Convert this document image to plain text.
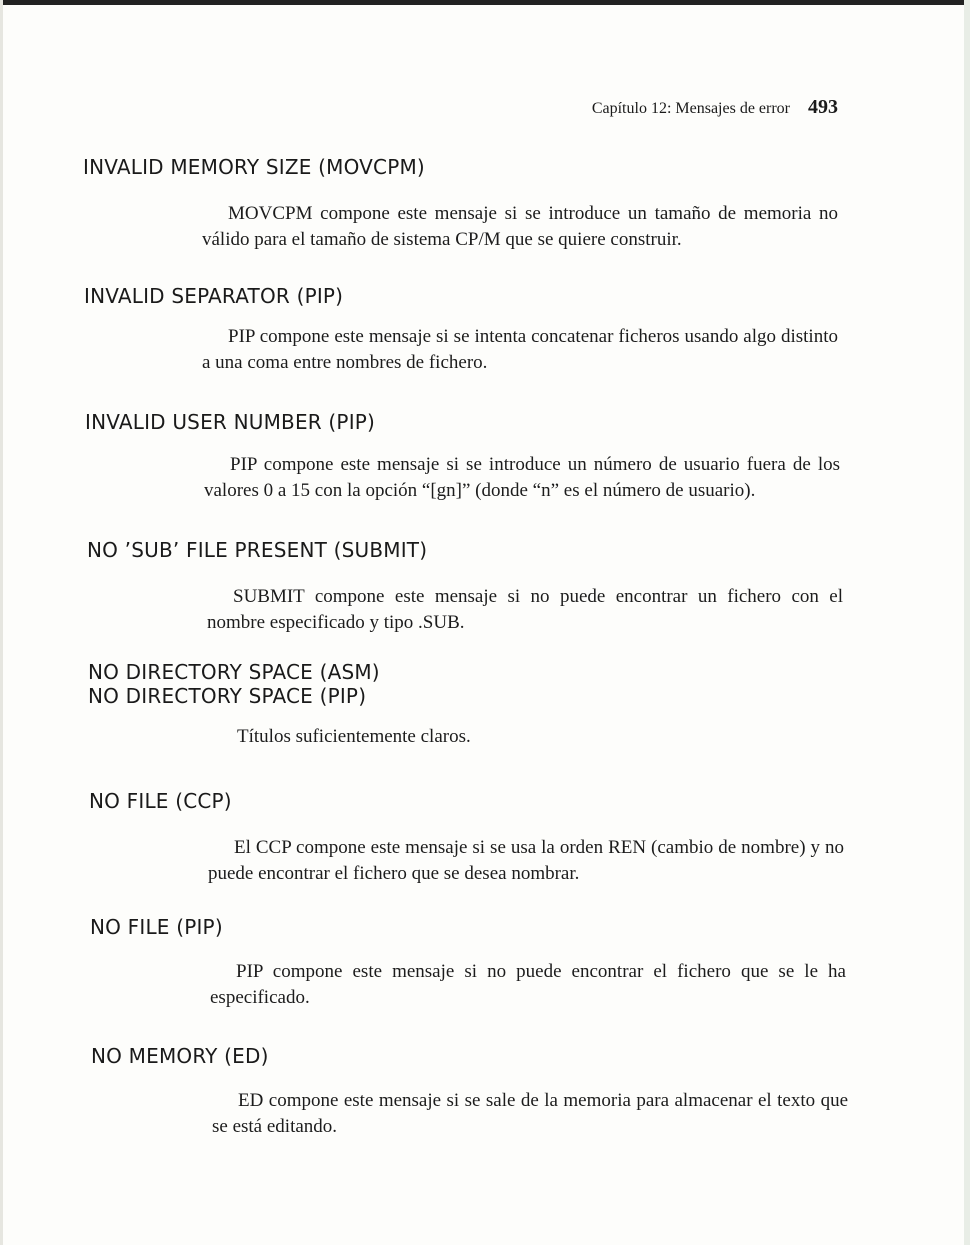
Capítulo 12: Mensajes de error 493

INVALID MEMORY SIZE (MOVCPM)

MOVCPM compone este mensaje si se introduce un tamaño de memoria no válido para el tamaño de sistema CP/M que se quiere construir.

INVALID SEPARATOR (PIP)

PIP compone este mensaje si se intenta concatenar ficheros usando algo distinto a una coma entre nombres de fichero.

INVALID USER NUMBER (PIP)

PIP compone este mensaje si se introduce un número de usuario fuera de los valores 0 a 15 con la opción “[gn]” (donde “n” es el número de usuario).

NO ’SUB’ FILE PRESENT (SUBMIT)

SUBMIT compone este mensaje si no puede encontrar un fichero con el nombre especificado y tipo .SUB.

NO DIRECTORY SPACE (ASM)

NO DIRECTORY SPACE (PIP)

Títulos suficientemente claros.

NO FILE (CCP)

El CCP compone este mensaje si se usa la orden REN (cambio de nombre) y no puede encontrar el fichero que se desea nombrar.

NO FILE (PIP)

PIP compone este mensaje si no puede encontrar el fichero que se le ha especificado.

NO MEMORY (ED)

ED compone este mensaje si se sale de la memoria para almacenar el texto que se está editando.
